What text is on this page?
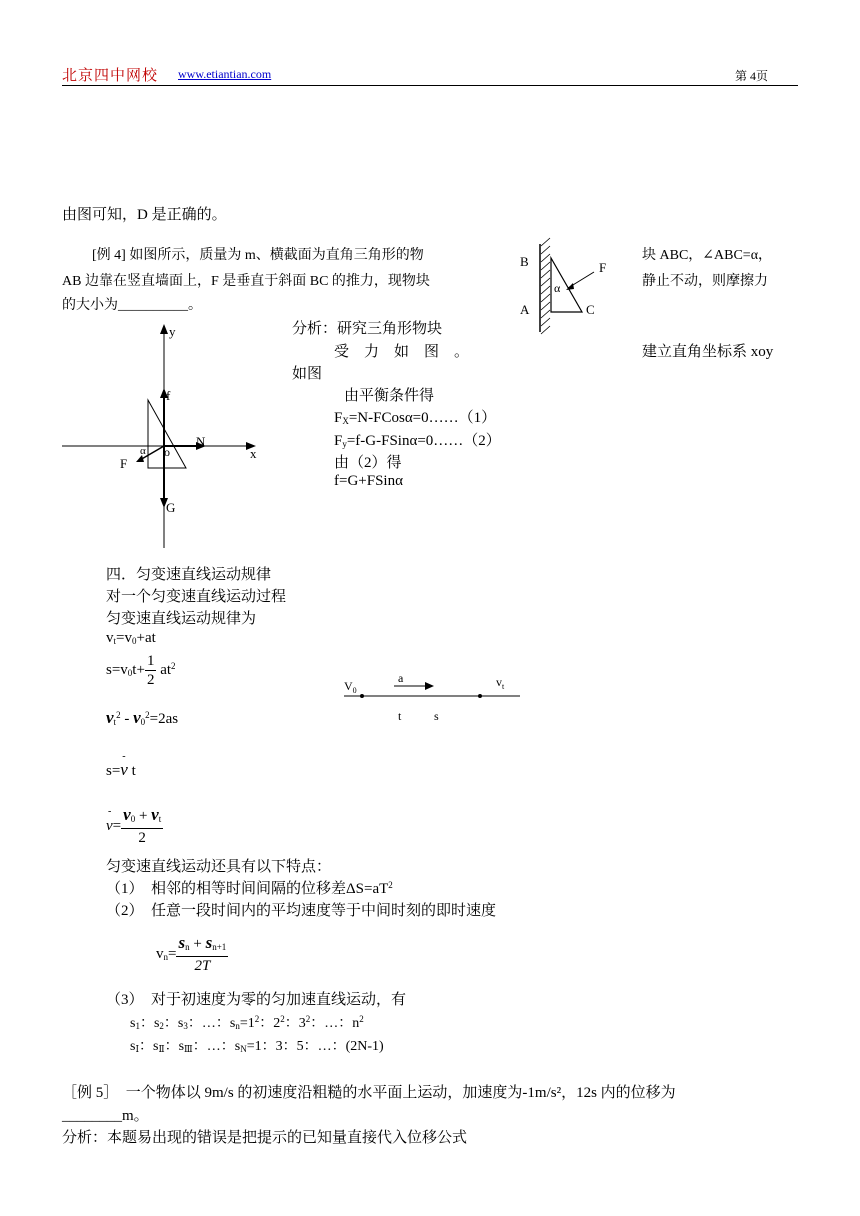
北京四中网校 www.etiantian.com	第 4页
由图可知，D 是正确的。
[例 4] 如图所示，质量为 m、横截面为直角三角形的物	块 ABC，∠ABC=α，
AB 边靠在竖直墙面上，F 是垂直于斜面 BC 的推力，现物块	静止不动，则摩擦力
的大小为__________。
B
A	C
F
α
y
x
f
N
F
o
α
G
分析：研究三角形物块
受　力　如　图　。	建立直角坐标系 xoy
如图
由平衡条件得
$F_X=N-FCos\alpha=0\dots\dots(1)$
$F_y=f-G-FSin\alpha=0\dots\dots(2)$
由（2）得
f=G+FSinα
四．匀变速直线运动规律
对一个匀变速直线运动过程
匀变速直线运动规律为
$v_t=v_0+at$
$s=v_0t+ \frac{1}{2} at^2$
$v_t^2 - v_0^2=2as$
s=
-
v t
-
$v= \frac{v_0 + v_t}{2}$
$V_0$
a	$v_t$
t	s
匀变速直线运动还具有以下特点：
（1）　相邻的相等时间间隔的位移差$\Delta S=aT^2$
（2）　任意一段时间内的平均速度等于中间时刻的即时速度
$v_n= \frac{s_n + s_{n+1}}{2T}$
（3）　对于初速度为零的匀加速直线运动，有
$s_1$：$s_2$：$s_3$：…：$s_n=1^2$：$2^2$：$3^2$：…：$n^2$
$s_Ⅰ$：$s_Ⅱ$：$s_Ⅲ$：…：$s_N=1$：3：5：…：(2N-1)
［例 5］　一个物体以 9m/s 的初速度沿粗糙的水平面上运动，加速度为-1m/s²，12s 内的位移为
________m。
分析：本题易出现的错误是把提示的已知量直接代入位移公式
